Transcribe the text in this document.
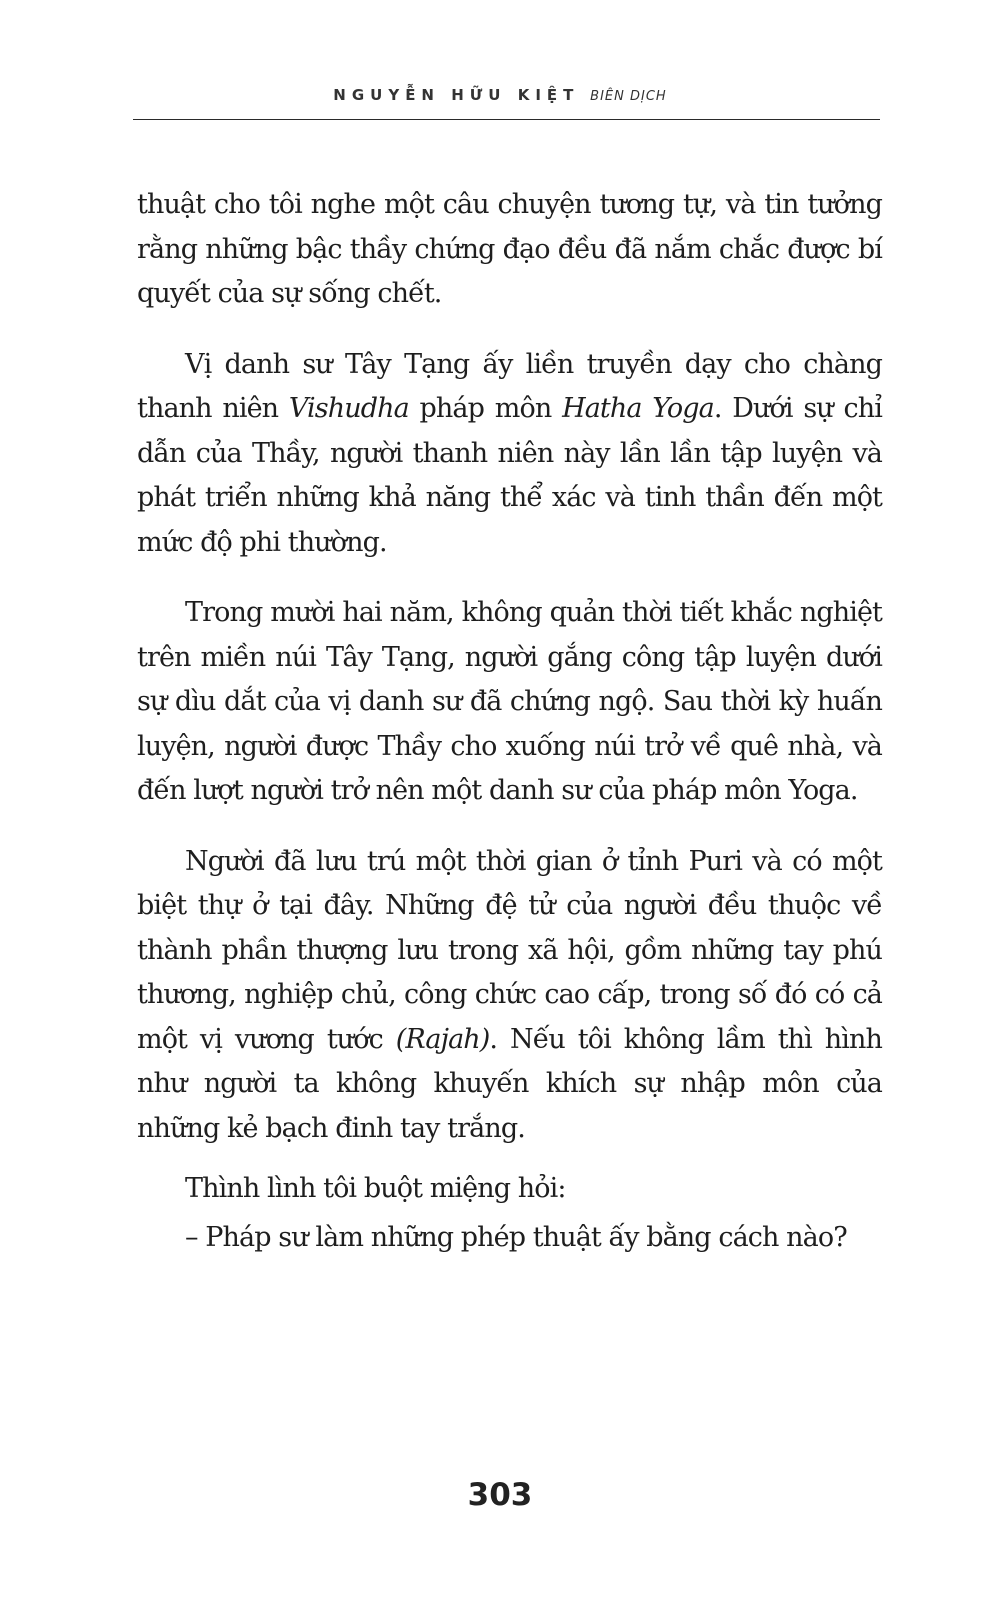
NGUYỄN HỮU KIỆT BIÊN DỊCH

thuật cho tôi nghe một câu chuyện tương tự, và tin tưởng rằng những bậc thầy chứng đạo đều đã nắm chắc được bí quyết của sự sống chết.

Vị danh sư Tây Tạng ấy liền truyền dạy cho chàng thanh niên Vishudha pháp môn Hatha Yoga. Dưới sự chỉ dẫn của Thầy, người thanh niên này lần lần tập luyện và phát triển những khả năng thể xác và tinh thần đến một mức độ phi thường.

Trong mười hai năm, không quản thời tiết khắc nghiệt trên miền núi Tây Tạng, người gắng công tập luyện dưới sự dìu dắt của vị danh sư đã chứng ngộ. Sau thời kỳ huấn luyện, người được Thầy cho xuống núi trở về quê nhà, và đến lượt người trở nên một danh sư của pháp môn Yoga.

Người đã lưu trú một thời gian ở tỉnh Puri và có một biệt thự ở tại đây. Những đệ tử của người đều thuộc về thành phần thượng lưu trong xã hội, gồm những tay phú thương, nghiệp chủ, công chức cao cấp, trong số đó có cả một vị vương tước (Rajah). Nếu tôi không lầm thì hình như người ta không khuyến khích sự nhập môn của những kẻ bạch đinh tay trắng.

Thình lình tôi buột miệng hỏi:

– Pháp sư làm những phép thuật ấy bằng cách nào?

303
